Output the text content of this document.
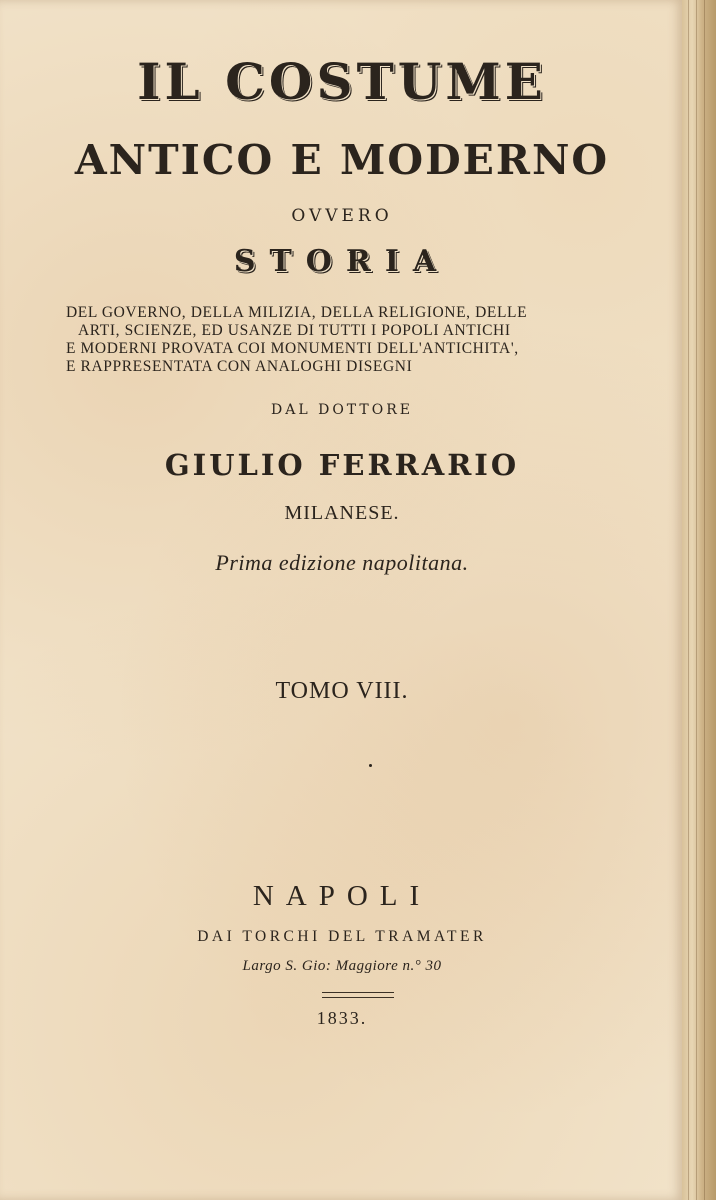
IL COSTUME
ANTICO E MODERNO

OVVERO

STORIA

DEL GOVERNO, DELLA MILIZIA, DELLA RELIGIONE, DELLE
ARTI, SCIENZE, ED USANZE DI TUTTI I POPOLI ANTICHI
E MODERNI PROVATA COI MONUMENTI DELL'ANTICHITA',
E RAPPRESENTATA CON ANALOGHI DISEGNI

DAL DOTTORE

GIULIO FERRARIO

MILANESE.

Prima edizione napolitana.

TOMO VIII.

NAPOLI

DAI TORCHI DEL TRAMATER

Largo S. Gio: Maggiore n.° 30

1833.
